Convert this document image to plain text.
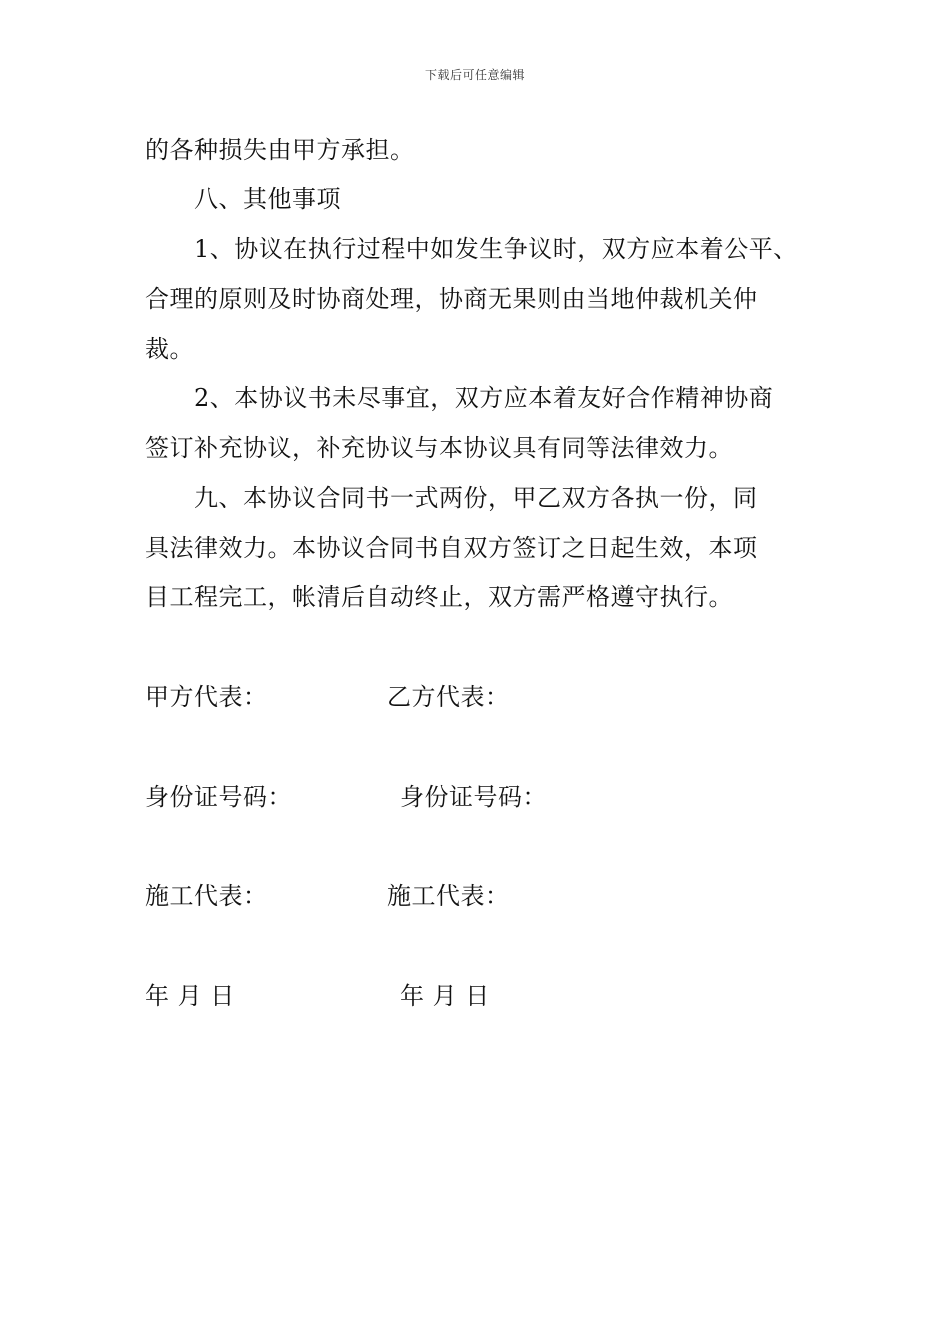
下载后可任意编辑
的各种损失由甲方承担。
八、其他事项
1、协议在执行过程中如发生争议时，双方应本着公平、
合理的原则及时协商处理，协商无果则由当地仲裁机关仲
裁。
2、本协议书未尽事宜，双方应本着友好合作精神协商
签订补充协议，补充协议与本协议具有同等法律效力。
九、本协议合同书一式两份，甲乙双方各执一份，同
具法律效力。本协议合同书自双方签订之日起生效，本项
目工程完工，帐清后自动终止，双方需严格遵守执行。
甲方代表：	乙方代表：
身份证号码：	身份证号码：
施工代表：	施工代表：
年 月 日	年 月 日
